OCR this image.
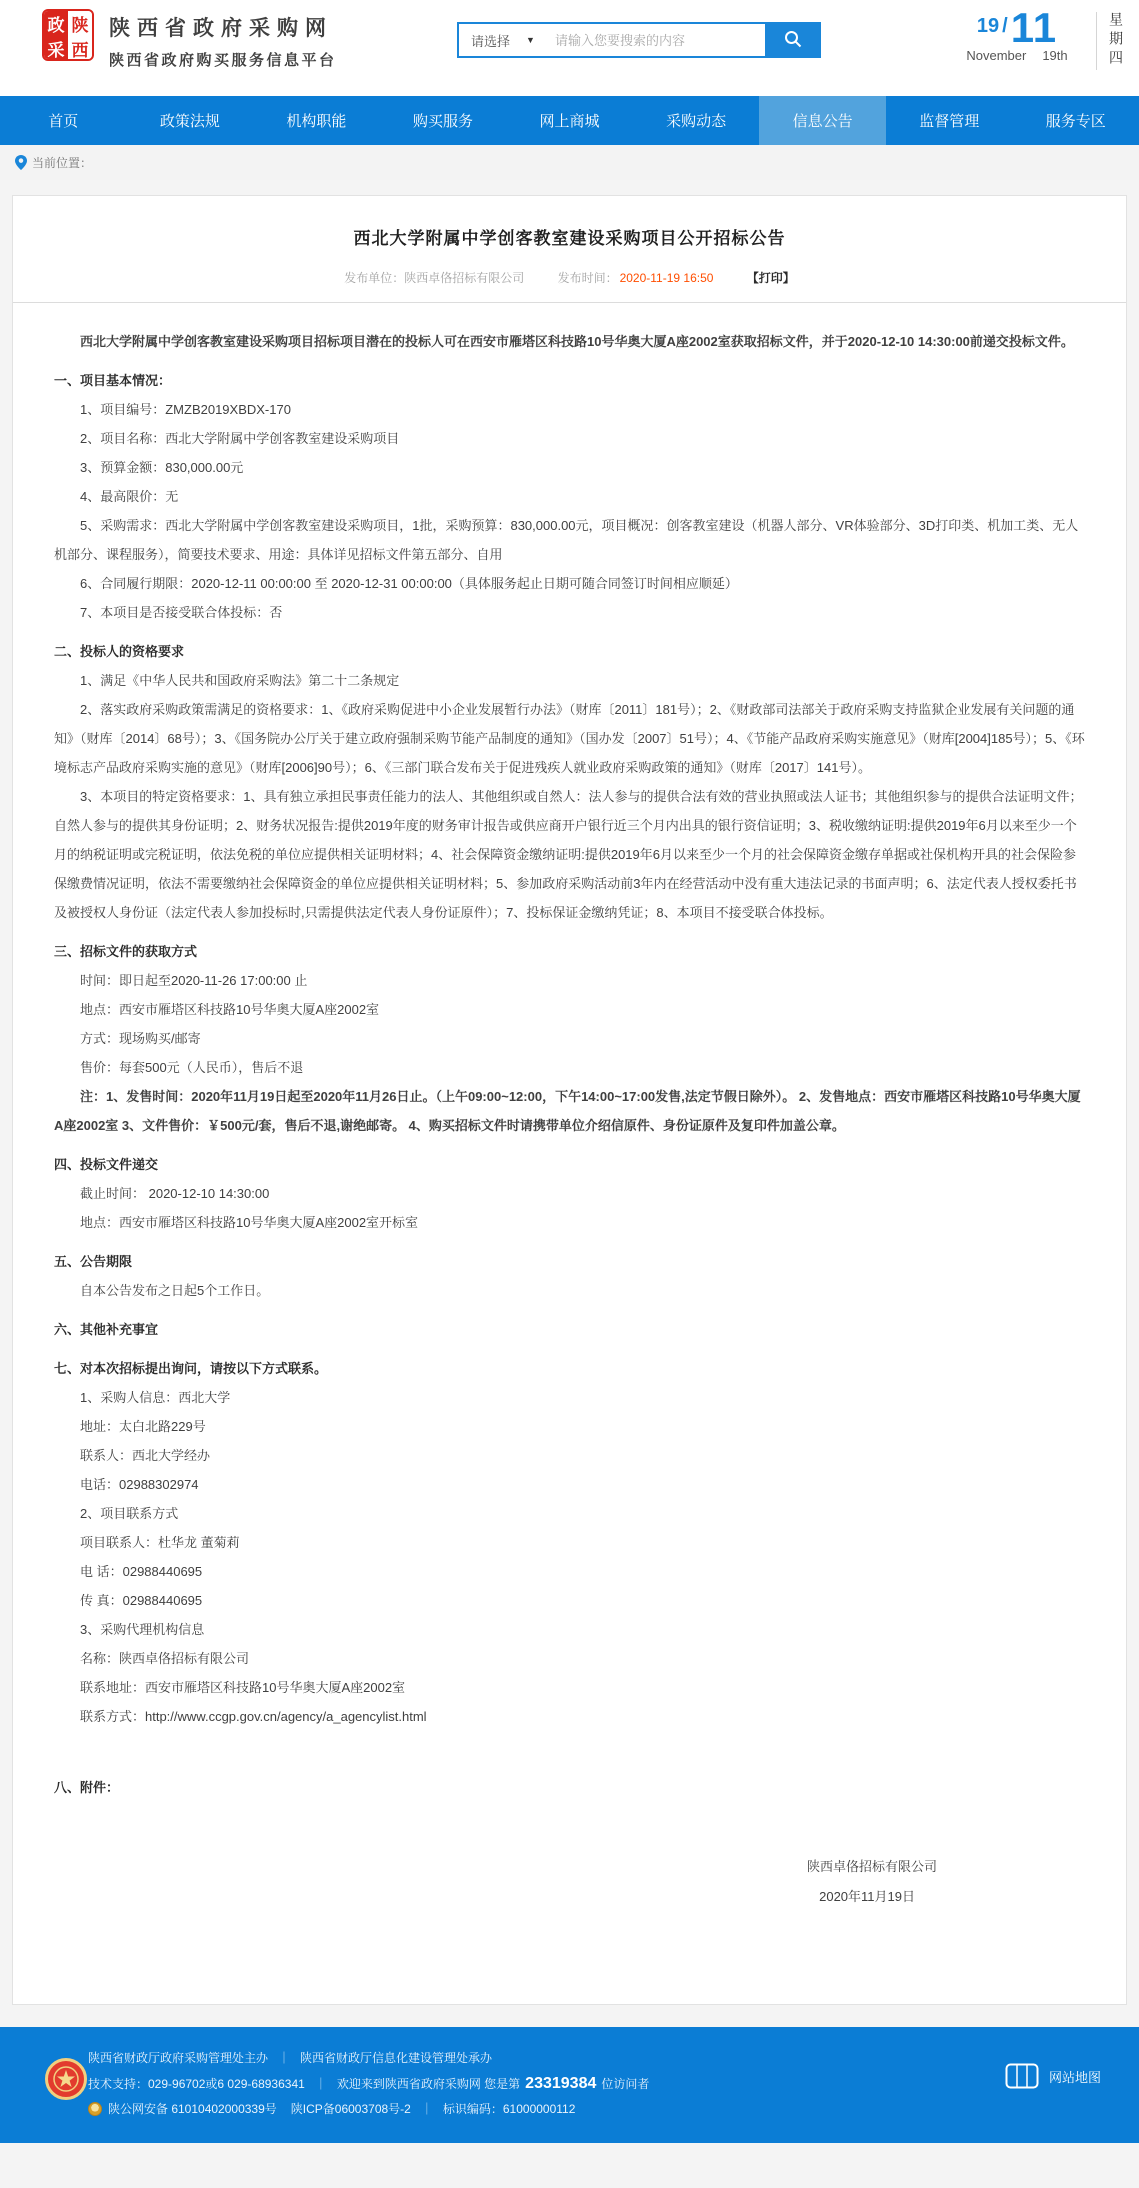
政 陕
采 西
陕西省政府采购网
陕西省政府购买服务信息平台
请选择 ▼
请输入您要搜索的内容
19 /11
November 19th	星期四
首页	政策法规	机构职能	购买服务	网上商城	采购动态	信息公告	监督管理	服务专区
当前位置：
西北大学附属中学创客教室建设采购项目公开招标公告
发布单位：陕西卓佫招标有限公司	发布时间： 2020-11-19 16:50	【打印】

西北大学附属中学创客教室建设采购项目招标项目潜在的投标人可在西安市雁塔区科技路10号华奥大厦A座2002室获取招标文件，并于2020-12-10 14:30:00前递交投标文件。

一、项目基本情况：

1、项目编号：ZMZB2019XBDX-170

2、项目名称：西北大学附属中学创客教室建设采购项目

3、预算金额：830,000.00元

4、最高限价：无

5、采购需求：西北大学附属中学创客教室建设采购项目，1批，采购预算：830,000.00元，项目概况：创客教室建设（机器人部分、VR体验部分、3D打印类、机加工类、无人机部分、课程服务），简要技术要求、用途：具体详见招标文件第五部分、自用

6、合同履行期限：2020-12-11 00:00:00 至 2020-12-31 00:00:00（具体服务起止日期可随合同签订时间相应顺延）

7、本项目是否接受联合体投标：否

二、投标人的资格要求

1、满足《中华人民共和国政府采购法》第二十二条规定

2、落实政府采购政策需满足的资格要求：1、《政府采购促进中小企业发展暂行办法》（财库〔2011〕181号）；2、《财政部司法部关于政府采购支持监狱企业发展有关问题的通知》（财库〔2014〕68号）；3、《国务院办公厅关于建立政府强制采购节能产品制度的通知》（国办发〔2007〕51号）；4、《节能产品政府采购实施意见》（财库[2004]185号）；5、《环境标志产品政府采购实施的意见》（财库[2006]90号）；6、《三部门联合发布关于促进残疾人就业政府采购政策的通知》（财库〔2017〕141号）。

3、本项目的特定资格要求：1、具有独立承担民事责任能力的法人、其他组织或自然人：法人参与的提供合法有效的营业执照或法人证书；其他组织参与的提供合法证明文件；自然人参与的提供其身份证明；2、财务状况报告:提供2019年度的财务审计报告或供应商开户银行近三个月内出具的银行资信证明；3、税收缴纳证明:提供2019年6月以来至少一个月的纳税证明或完税证明，依法免税的单位应提供相关证明材料；4、社会保障资金缴纳证明:提供2019年6月以来至少一个月的社会保障资金缴存单据或社保机构开具的社会保险参保缴费情况证明，依法不需要缴纳社会保障资金的单位应提供相关证明材料；5、参加政府采购活动前3年内在经营活动中没有重大违法记录的书面声明；6、法定代表人授权委托书及被授权人身份证（法定代表人参加投标时,只需提供法定代表人身份证原件）；7、投标保证金缴纳凭证；8、本项目不接受联合体投标。

三、招标文件的获取方式

时间：即日起至2020-11-26 17:00:00 止

地点：西安市雁塔区科技路10号华奥大厦A座2002室

方式：现场购买/邮寄

售价：每套500元（人民币），售后不退

注：1、发售时间：2020年11月19日起至2020年11月26日止。（上午09:00~12:00，下午14:00~17:00发售,法定节假日除外）。 2、发售地点：西安市雁塔区科技路10号华奥大厦A座2002室 3、文件售价：￥500元/套，售后不退,谢绝邮寄。 4、购买招标文件时请携带单位介绍信原件、身份证原件及复印件加盖公章。

四、投标文件递交

截止时间： 2020-12-10 14:30:00

地点：西安市雁塔区科技路10号华奥大厦A座2002室开标室

五、公告期限

自本公告发布之日起5个工作日。

六、其他补充事宜
七、对本次招标提出询问，请按以下方式联系。

1、采购人信息：西北大学

地址：太白北路229号

联系人：西北大学经办

电话：02988302974

2、项目联系方式

项目联系人：杜华龙 董菊莉

电 话：02988440695

传 真：02988440695

3、采购代理机构信息

名称：陕西卓佫招标有限公司

联系地址：西安市雁塔区科技路10号华奥大厦A座2002室

联系方式：http://www.ccgp.gov.cn/agency/a_agencylist.html

八、附件：

陕西卓佫招标有限公司

2020年11月19日

陕西省财政厅政府采购管理处主办 ｜ 陕西省财政厅信息化建设管理处承办
技术支持：029-96702或6 029-68936341 ｜ 欢迎来到陕西省政府采购网 您是第 23319384 位访问者
陕公网安备 61010402000339号 陕ICP备06003708号-2 ｜ 标识编码：61000000112
网站地图
